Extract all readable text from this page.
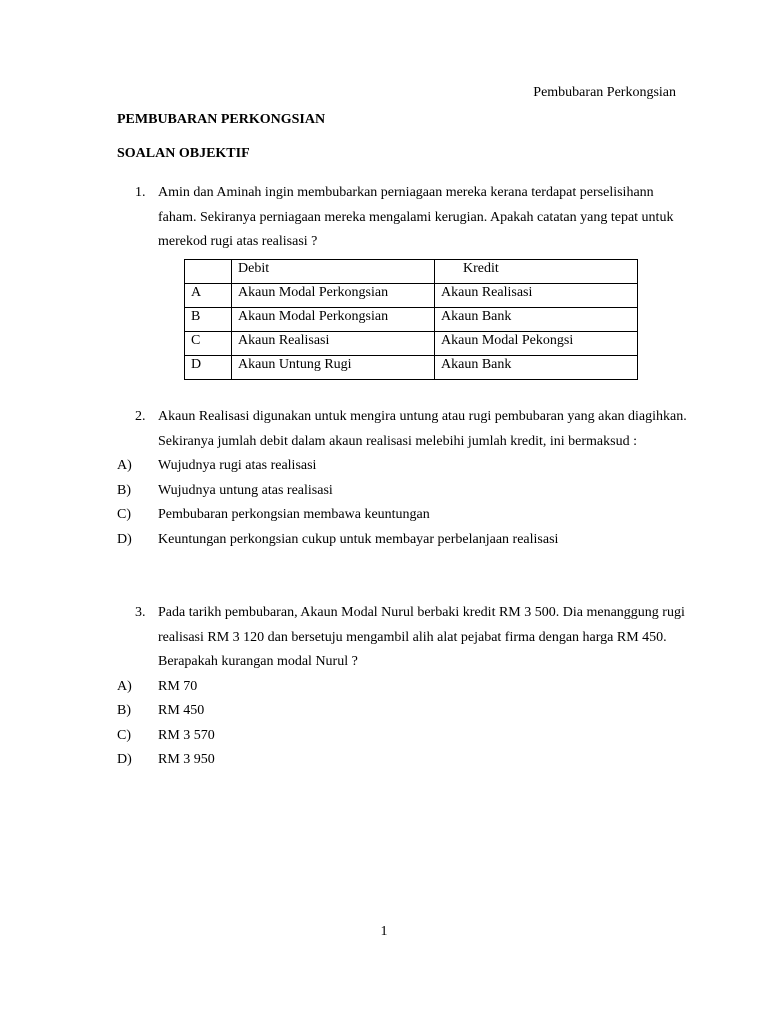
Pembubaran Perkongsian
PEMBUBARAN PERKONGSIAN
SOALAN OBJEKTIF
1. Amin dan Aminah ingin membubarkan perniagaan mereka kerana terdapat perselisihann faham. Sekiranya perniagaan mereka mengalami kerugian. Apakah catatan yang tepat untuk merekod rugi atas realisasi ?
	Debit	Kredit
A	Akaun Modal Perkongsian	Akaun Realisasi
B	Akaun Modal Perkongsian	Akaun Bank
C	Akaun Realisasi	Akaun Modal Pekongsi
D	Akaun Untung Rugi	Akaun Bank
2. Akaun Realisasi digunakan untuk mengira untung atau rugi pembubaran yang akan diagihkan. Sekiranya jumlah debit dalam akaun realisasi melebihi jumlah kredit, ini bermaksud :
A) Wujudnya rugi atas realisasi
B) Wujudnya untung atas realisasi
C) Pembubaran perkongsian membawa keuntungan
D) Keuntungan perkongsian cukup untuk membayar perbelanjaan realisasi
3. Pada tarikh pembubaran, Akaun Modal Nurul berbaki kredit RM 3 500. Dia menanggung rugi realisasi RM 3 120 dan bersetuju mengambil alih alat pejabat firma dengan harga RM 450. Berapakah kurangan modal Nurul ?
A) RM 70
B) RM 450
C) RM 3 570
D) RM 3 950
1
